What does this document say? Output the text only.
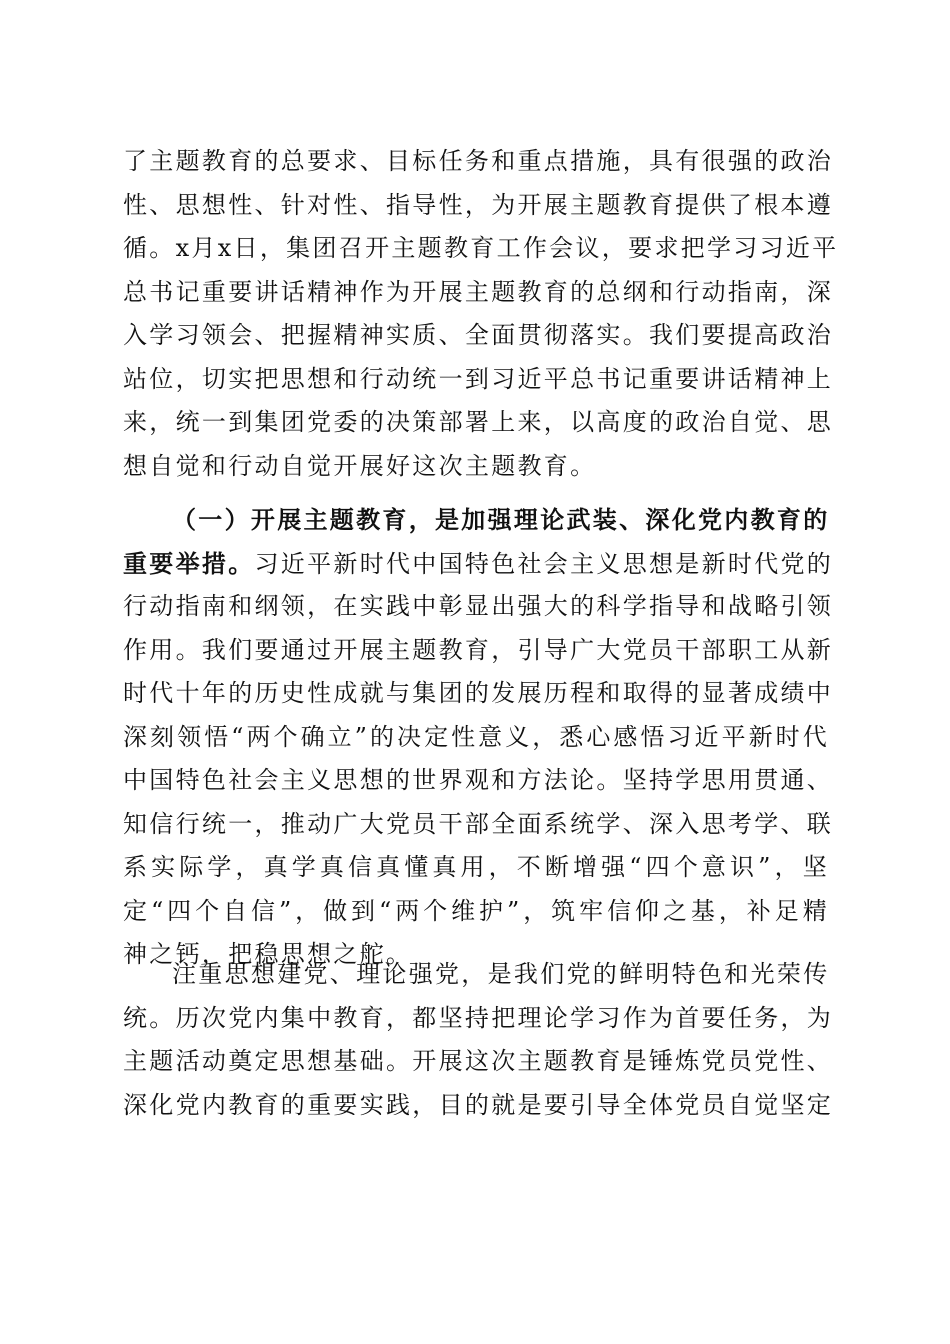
了主题教育的总要求、目标任务和重点措施，具有很强的政治
性、思想性、针对性、指导性，为开展主题教育提供了根本遵
循。x月x日，集团召开主题教育工作会议，要求把学习习近平
总书记重要讲话精神作为开展主题教育的总纲和行动指南，深
入学习领会、把握精神实质、全面贯彻落实。我们要提高政治
站位，切实把思想和行动统一到习近平总书记重要讲话精神上
来，统一到集团党委的决策部署上来，以高度的政治自觉、思
想自觉和行动自觉开展好这次主题教育。
（一）开展主题教育，是加强理论武装、深化党内教育的
重要举措。习近平新时代中国特色社会主义思想是新时代党的
行动指南和纲领，在实践中彰显出强大的科学指导和战略引领
作用。我们要通过开展主题教育，引导广大党员干部职工从新
时代十年的历史性成就与集团的发展历程和取得的显著成绩中
深刻领悟“两个确立”的决定性意义，悉心感悟习近平新时代
中国特色社会主义思想的世界观和方法论。坚持学思用贯通、
知信行统一，推动广大党员干部全面系统学、深入思考学、联
系实际学，真学真信真懂真用，不断增强“四个意识”，坚
定“四个自信”，做到“两个维护”，筑牢信仰之基，补足精
神之钙，把稳思想之舵。
注重思想建党、理论强党，是我们党的鲜明特色和光荣传
统。历次党内集中教育，都坚持把理论学习作为首要任务，为
主题活动奠定思想基础。开展这次主题教育是锤炼党员党性、
深化党内教育的重要实践，目的就是要引导全体党员自觉坚定
